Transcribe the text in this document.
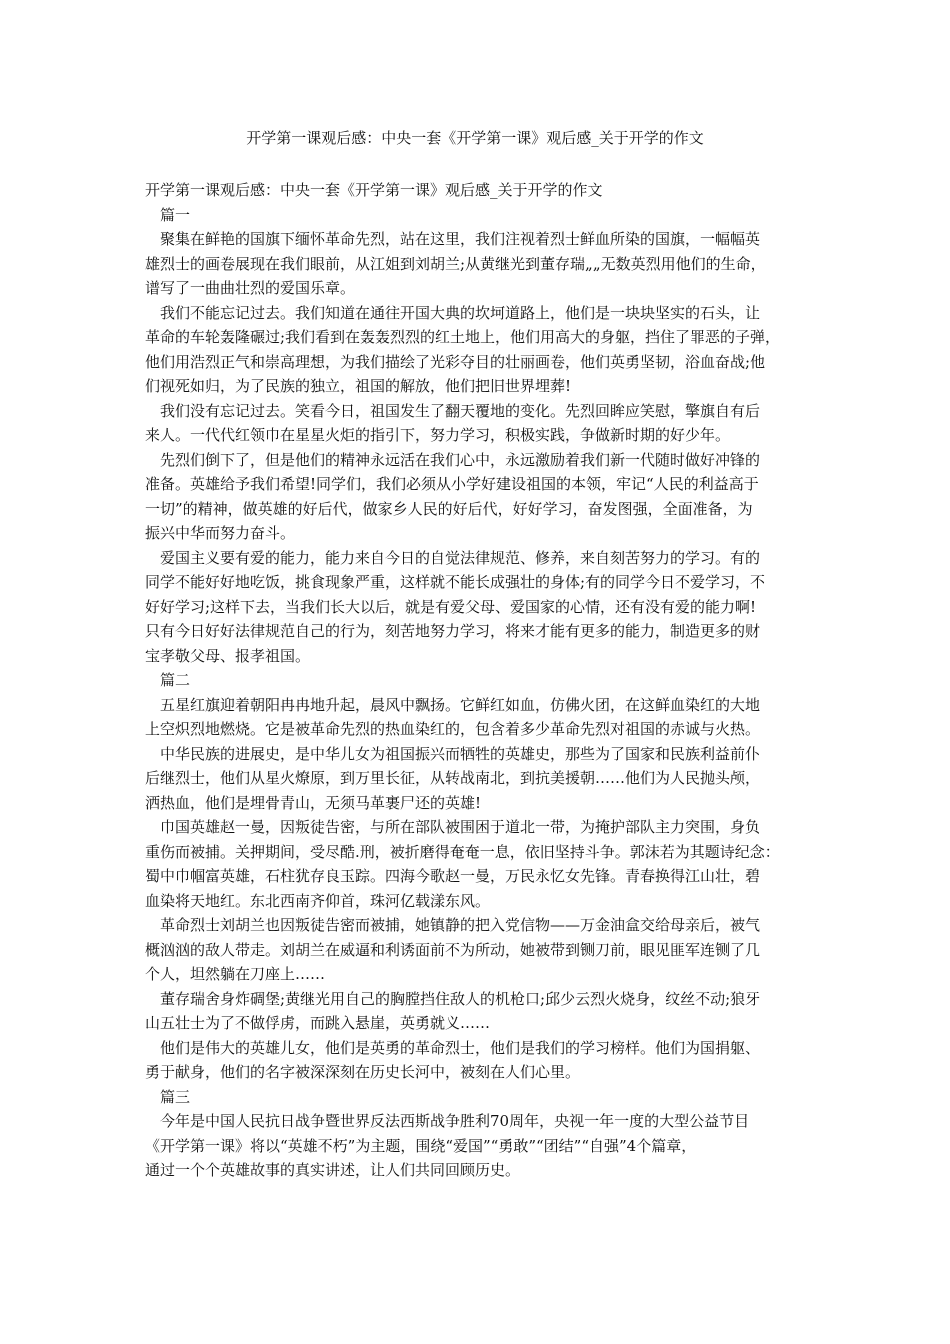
开学第一课观后感：中央一套《开学第一课》观后感_关于开学的作文

开学第一课观后感：中央一套《开学第一课》观后感_关于开学的作文

篇一

聚集在鲜艳的国旗下缅怀革命先烈，站在这里，我们注视着烈士鲜血所染的国旗，一幅幅英

雄烈士的画卷展现在我们眼前，从江姐到刘胡兰;从黄继光到董存瑞„„无数英烈用他们的生命，

谱写了一曲曲壮烈的爱国乐章。

我们不能忘记过去。我们知道在通往开国大典的坎坷道路上，他们是一块块坚实的石头，让

革命的车轮轰隆碾过;我们看到在轰轰烈烈的红土地上，他们用高大的身躯，挡住了罪恶的子弹，

他们用浩烈正气和崇高理想，为我们描绘了光彩夺目的壮丽画卷，他们英勇坚韧，浴血奋战;他

们视死如归，为了民族的独立，祖国的解放，他们把旧世界埋葬!

我们没有忘记过去。笑看今日，祖国发生了翻天覆地的变化。先烈回眸应笑慰，擎旗自有后

来人。一代代红领巾在星星火炬的指引下，努力学习，积极实践，争做新时期的好少年。

先烈们倒下了，但是他们的精神永远活在我们心中，永远激励着我们新一代随时做好冲锋的

准备。英雄给予我们希望!同学们，我们必须从小学好建设祖国的本领，牢记“人民的利益高于

一切”的精神，做英雄的好后代，做家乡人民的好后代，好好学习，奋发图强，全面准备，为

振兴中华而努力奋斗。

爱国主义要有爱的能力，能力来自今日的自觉法律规范、修养，来自刻苦努力的学习。有的

同学不能好好地吃饭，挑食现象严重，这样就不能长成强壮的身体;有的同学今日不爱学习，不

好好学习;这样下去，当我们长大以后，就是有爱父母、爱国家的心情，还有没有爱的能力啊!

只有今日好好法律规范自己的行为，刻苦地努力学习，将来才能有更多的能力，制造更多的财

宝孝敬父母、报孝祖国。

篇二

五星红旗迎着朝阳冉冉地升起，晨风中飘扬。它鲜红如血，仿佛火团，在这鲜血染红的大地

上空炽烈地燃烧。它是被革命先烈的热血染红的，包含着多少革命先烈对祖国的赤诚与火热。

中华民族的进展史，是中华儿女为祖国振兴而牺牲的英雄史，那些为了国家和民族利益前仆

后继烈士，他们从星火燎原，到万里长征，从转战南北，到抗美援朝……他们为人民抛头颅，

洒热血，他们是埋骨青山，无须马革裹尸还的英雄!

巾国英雄赵一曼，因叛徒告密，与所在部队被围困于道北一带，为掩护部队主力突围，身负

重伤而被捕。关押期间，受尽酷.刑，被折磨得奄奄一息，依旧坚持斗争。郭沫若为其题诗纪念：

蜀中巾帼富英雄，石柱犹存良玉踪。四海今歌赵一曼，万民永忆女先锋。青春换得江山壮，碧

血染将天地红。东北西南齐仰首，珠河亿载漾东风。

革命烈士刘胡兰也因叛徒告密而被捕，她镇静的把入党信物——万金油盒交给母亲后，被气

概汹汹的敌人带走。刘胡兰在威逼和利诱面前不为所动，她被带到铡刀前，眼见匪军连铡了几

个人，坦然躺在刀座上……

董存瑞舍身炸碉堡;黄继光用自己的胸膛挡住敌人的机枪口;邱少云烈火烧身，纹丝不动;狼牙

山五壮士为了不做俘虏，而跳入悬崖，英勇就义……

他们是伟大的英雄儿女，他们是英勇的革命烈士，他们是我们的学习榜样。他们为国捐躯、

勇于献身，他们的名字被深深刻在历史长河中，被刻在人们心里。

篇三

今年是中国人民抗日战争暨世界反法西斯战争胜利70周年，央视一年一度的大型公益节目

《开学第一课》将以“英雄不朽”为主题，围绕“爱国”“勇敢”“团结”“自强”4个篇章，

通过一个个英雄故事的真实讲述，让人们共同回顾历史。
